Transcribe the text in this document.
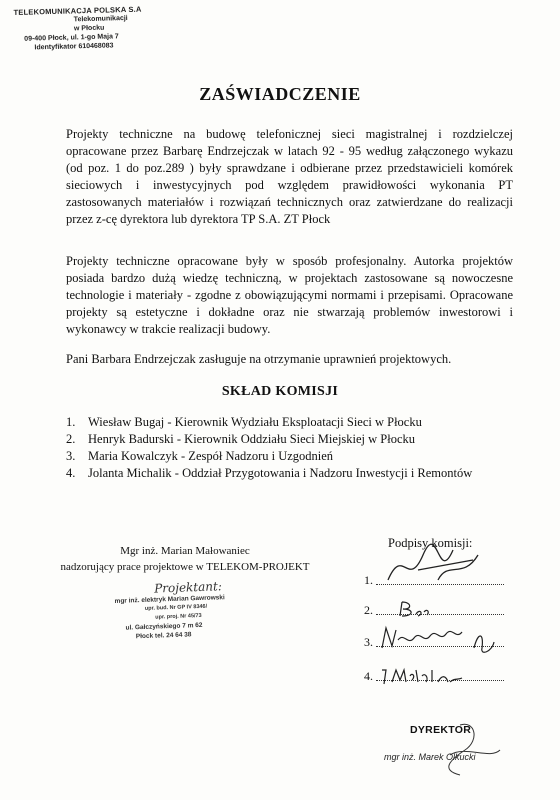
TELEKOMUNIKACJA POLSKA S.A
Telekomunikacji
w Płocku
09-400 Płock, ul. 1-go Maja 7
Identyfikator 610468083
ZAŚWIADCZENIE
Projekty techniczne na budowę telefonicznej sieci magistralnej i rozdzielczej opracowane przez Barbarę Endrzejczak w latach 92 - 95 według załączonego wykazu (od poz. 1 do poz.289 ) były sprawdzane i odbierane przez przedstawicieli komórek sieciowych i inwestycyjnych pod względem prawidłowości wykonania PT zastosowanych materiałów i rozwiązań technicznych oraz zatwierdzane do realizacji przez z-cę dyrektora lub dyrektora TP S.A. ZT Płock
Projekty techniczne opracowane były w sposób profesjonalny. Autorka projektów posiada bardzo dużą wiedzę techniczną, w projektach zastosowane są nowoczesne technologie i materiały - zgodne z obowiązującymi normami i przepisami. Opracowane projekty są estetyczne i dokładne oraz nie stwarzają problemów inwestorowi i wykonawcy w trakcie realizacji budowy.
Pani Barbara Endrzejczak zasługuje na otrzymanie uprawnień projektowych.
SKŁAD KOMISJI
1. Wiesław Bugaj - Kierownik Wydziału Eksploatacji Sieci w Płocku
2. Henryk Badurski - Kierownik Oddziału Sieci Miejskiej w Płocku
3. Maria Kowalczyk - Zespół Nadzoru i Uzgodnień
4. Jolanta Michalik - Oddział Przygotowania i Nadzoru Inwestycji i Remontów
Mgr inż. Marian Małowaniec
nadzorujący prace projektowe w TELEKOM-PROJEKT
Projektant:
mgr inż. elektryk Marian Gawrowski
upr. bud. Nr GP IV 8346/
upr. proj. Nr 45/73
ul. Gałczyńskiego 7 m 62
Płock tel. 24 64 38
Podpisy komisji:
1.
2.
3.
4.
DYREKTOR
mgr inż. Marek Olkucki
